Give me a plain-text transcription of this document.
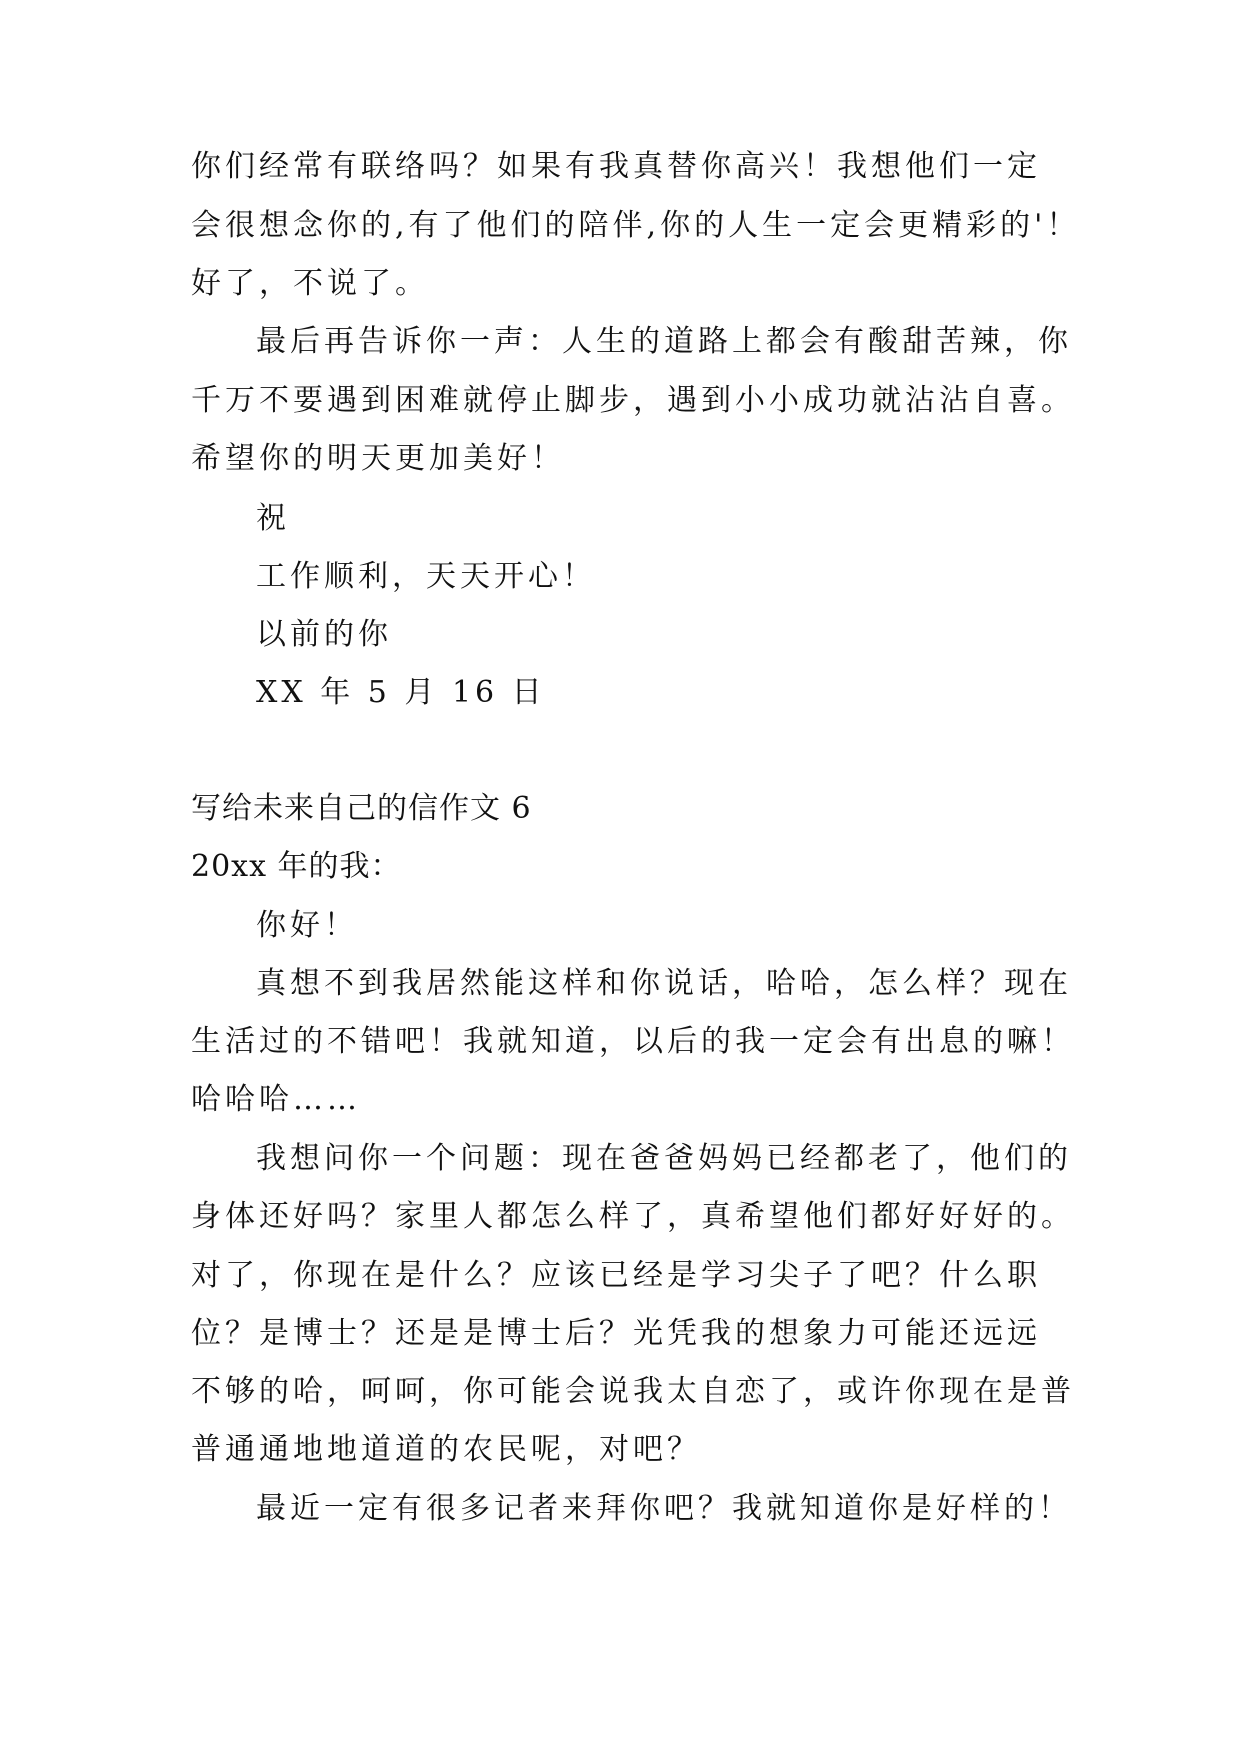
你们经常有联络吗？如果有我真替你高兴！我想他们一定
会很想念你的,有了他们的陪伴,你的人生一定会更精彩的'！
好了，不说了。
最后再告诉你一声：人生的道路上都会有酸甜苦辣，你
千万不要遇到困难就停止脚步，遇到小小成功就沾沾自喜。
希望你的明天更加美好！
祝
工作顺利，天天开心！
以前的你
XX 年 5 月 16 日
写给未来自己的信作文 6
20xx 年的我：
你好！
真想不到我居然能这样和你说话，哈哈，怎么样？现在
生活过的不错吧！我就知道，以后的我一定会有出息的嘛！
哈哈哈……
我想问你一个问题：现在爸爸妈妈已经都老了，他们的
身体还好吗？家里人都怎么样了，真希望他们都好好好的。
对了，你现在是什么？应该已经是学习尖子了吧？什么职
位？是博士？还是是博士后？光凭我的想象力可能还远远
不够的哈，呵呵，你可能会说我太自恋了，或许你现在是普
普通通地地道道的农民呢，对吧？
最近一定有很多记者来拜你吧？我就知道你是好样的！
